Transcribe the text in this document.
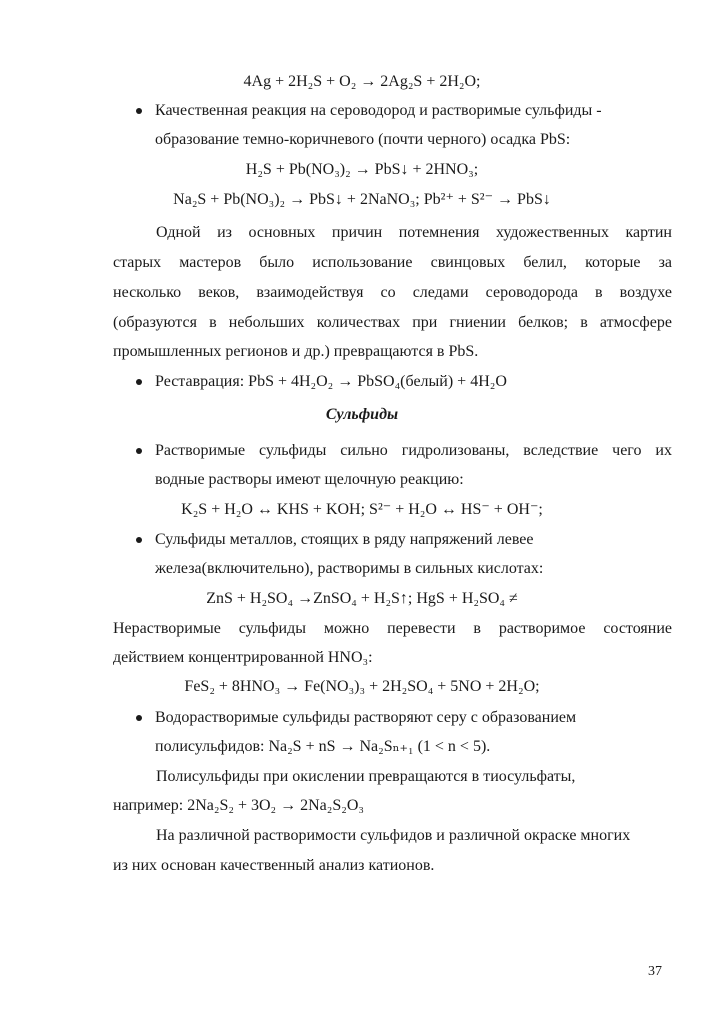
4Ag + 2H₂S + O₂ → 2Ag₂S + 2H₂O;
Качественная реакция на сероводород и растворимые сульфиды -
образование темно-коричневого (почти черного) осадка PbS:
H₂S + Pb(NO₃)₂ → PbS↓ + 2HNO₃;
Na₂S + Pb(NO₃)₂ → PbS↓ + 2NaNO₃; Pb²⁺ + S²⁻ → PbS↓
Одной из основных причин потемнения художественных картин
старых мастеров было использование свинцовых белил, которые за
несколько веков, взаимодействуя со следами сероводорода в воздухе
(образуются в небольших количествах при гниении белков; в атмосфере
промышленных регионов и др.) превращаются в PbS.
Реставрация: PbS + 4H₂O₂ → PbSO₄(белый) + 4H₂O
Сульфиды
Растворимые сульфиды сильно гидролизованы, вследствие чего их
водные растворы имеют щелочную реакцию:
K₂S + H₂O ↔ KHS + KOH; S²⁻ + H₂O ↔ HS⁻ + OH⁻;
Сульфиды металлов, стоящих в ряду напряжений левее
железа(включительно), растворимы в сильных кислотах:
ZnS + H₂SO₄ →ZnSO₄ + H₂S↑; HgS + H₂SO₄ ≠
Нерастворимые сульфиды можно перевести в растворимое состояние
действием концентрированной HNO₃:
FeS₂ + 8HNO₃ → Fe(NO₃)₃ + 2H₂SO₄ + 5NO + 2H₂O;
Водорастворимые сульфиды растворяют серу с образованием
полисульфидов: Na₂S + nS → Na₂Sₙ₊₁ (1 < n < 5).
Полисульфиды при окислении превращаются в тиосульфаты,
например: 2Na₂S₂ + 3O₂ → 2Na₂S₂O₃
На различной растворимости сульфидов и различной окраске многих
из них основан качественный анализ катионов.
37
